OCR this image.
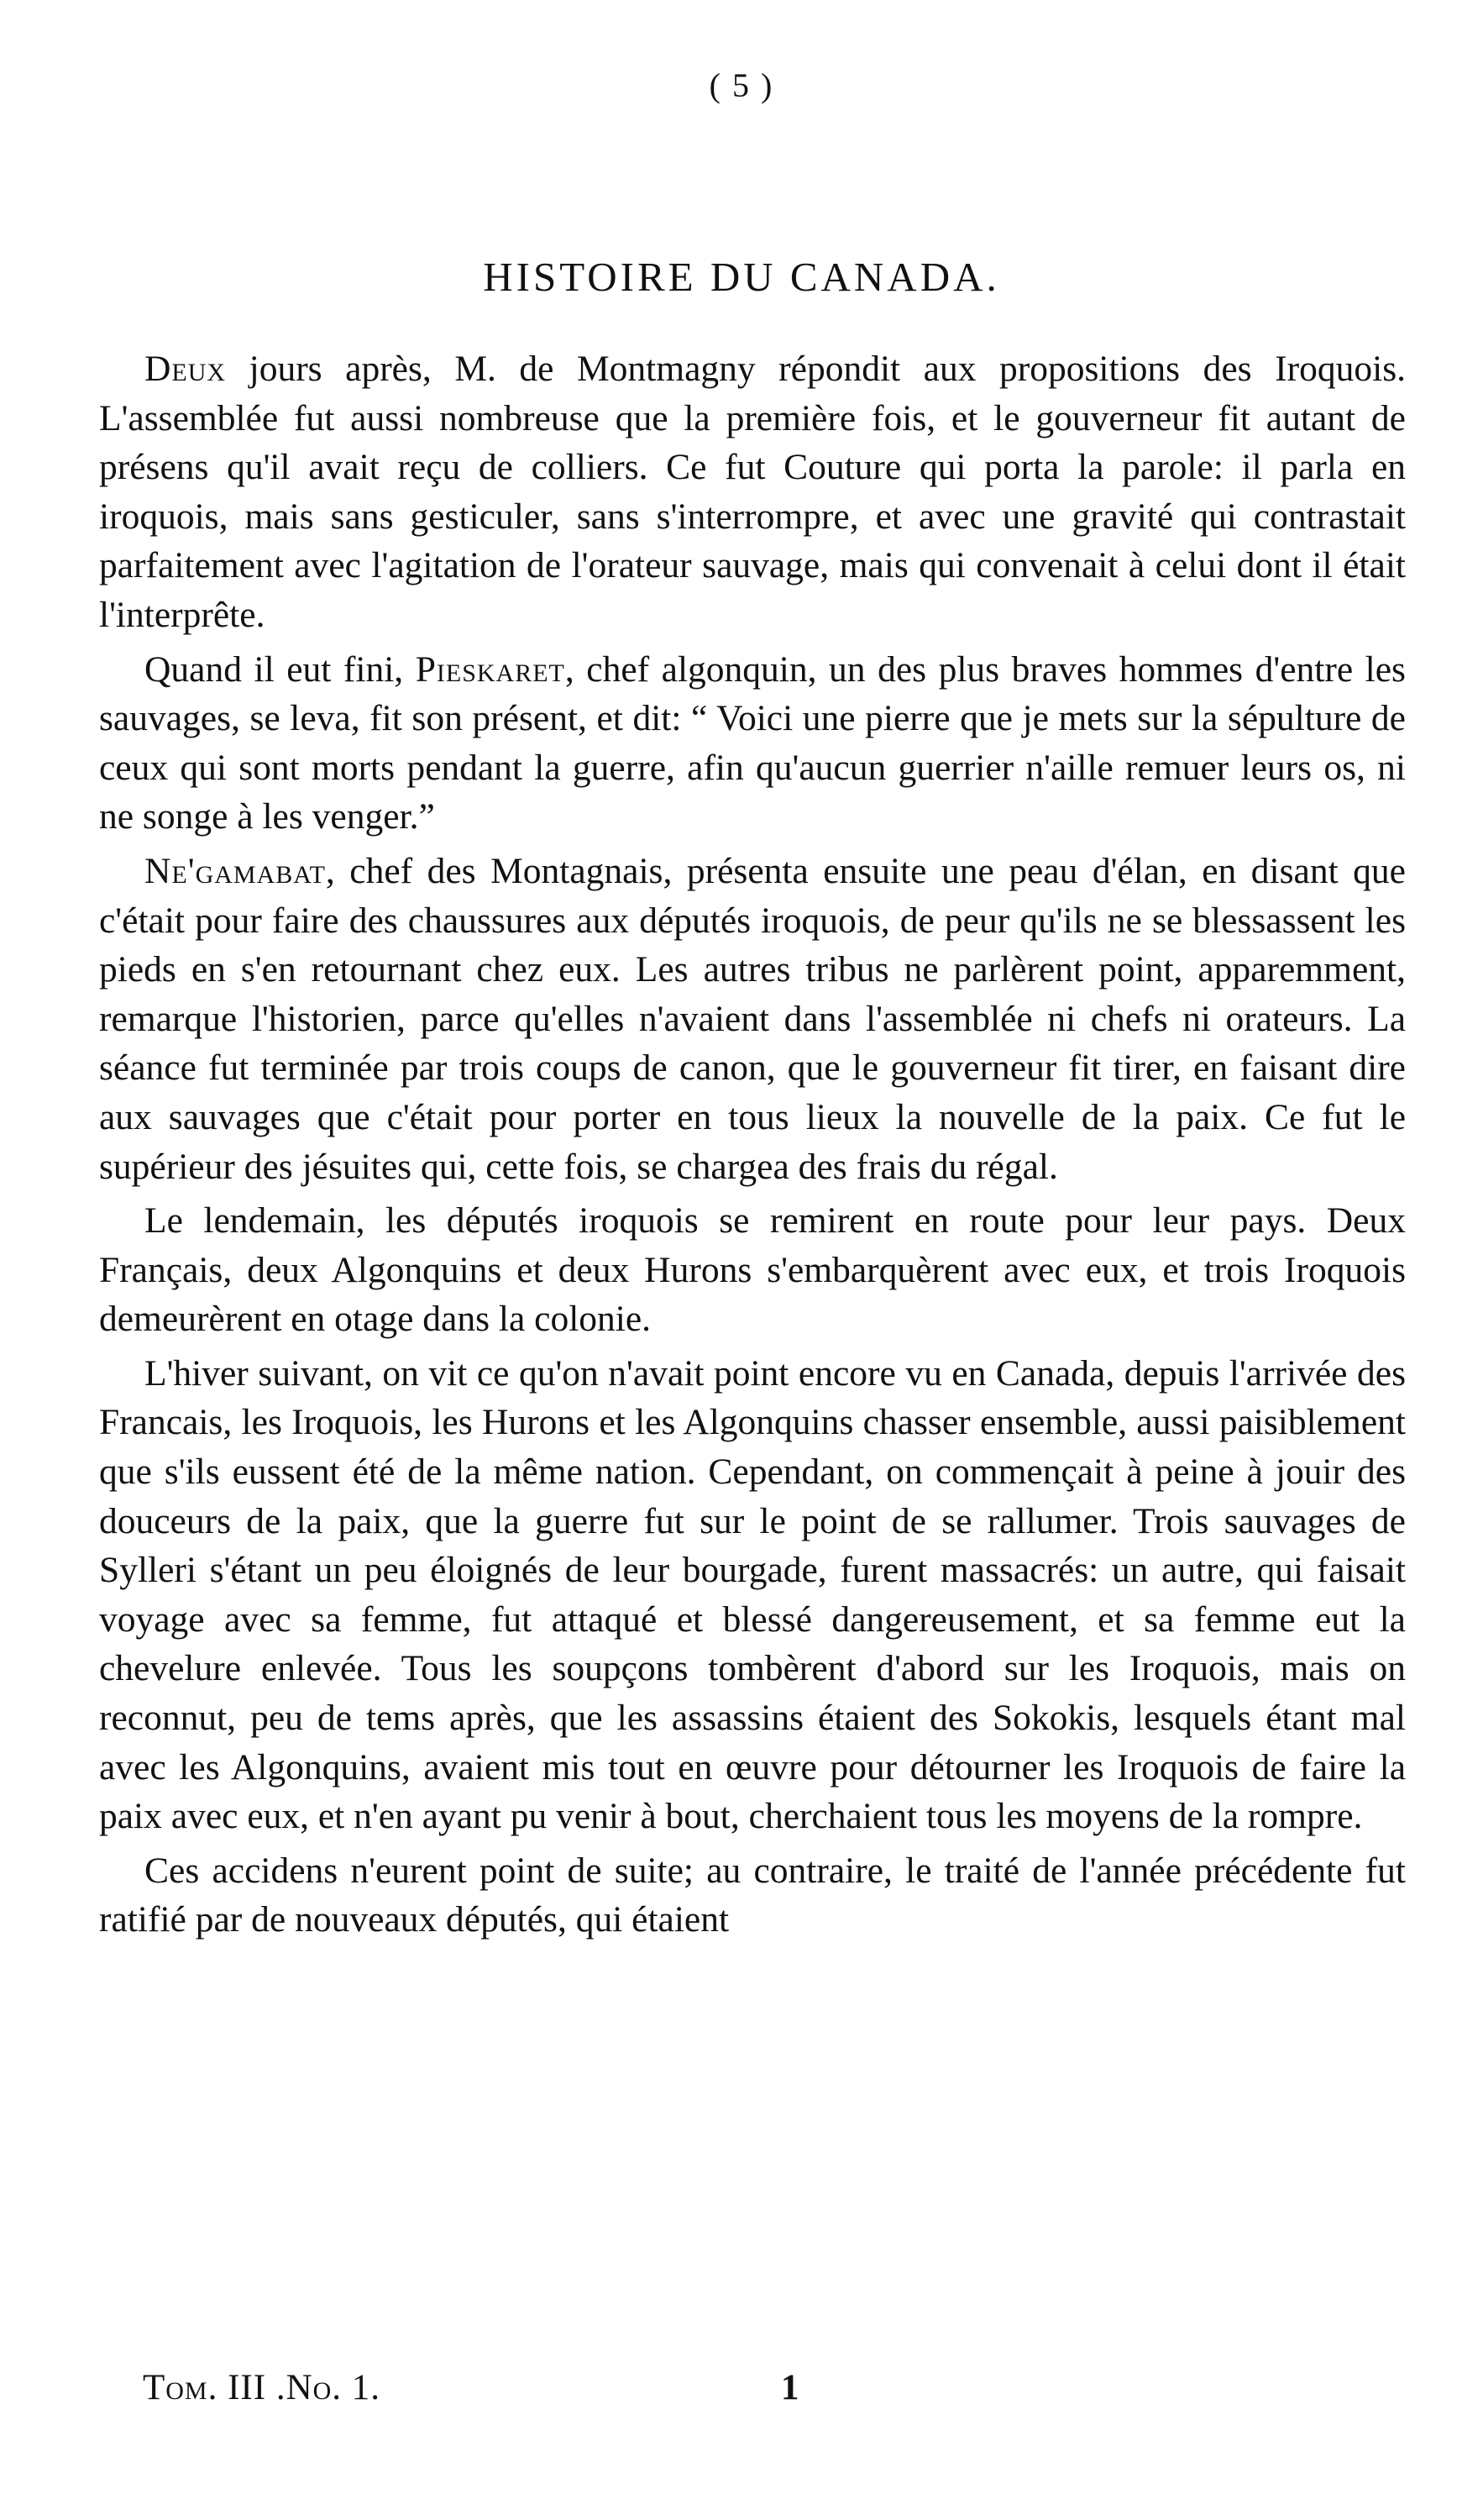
( 5 )
HISTOIRE DU CANADA.

Deux jours après, M. de Montmagny répondit aux propositions des Iroquois. L'assemblée fut aussi nombreuse que la première fois, et le gouverneur fit autant de présens qu'il avait reçu de colliers. Ce fut Couture qui porta la parole: il parla en iroquois, mais sans gesticuler, sans s'interrompre, et avec une gravité qui contrastait parfaitement avec l'agitation de l'orateur sauvage, mais qui convenait à celui dont il était l'interprête.

Quand il eut fini, Pieskaret, chef algonquin, un des plus braves hommes d'entre les sauvages, se leva, fit son présent, et dit: “ Voici une pierre que je mets sur la sépulture de ceux qui sont morts pendant la guerre, afin qu'aucun guerrier n'aille remuer leurs os, ni ne songe à les venger.”

Ne'gamabat, chef des Montagnais, présenta ensuite une peau d'élan, en disant que c'était pour faire des chaussures aux députés iroquois, de peur qu'ils ne se blessassent les pieds en s'en retournant chez eux. Les autres tribus ne parlèrent point, apparemment, remarque l'historien, parce qu'elles n'avaient dans l'assemblée ni chefs ni orateurs. La séance fut terminée par trois coups de canon, que le gouverneur fit tirer, en faisant dire aux sauvages que c'était pour porter en tous lieux la nouvelle de la paix. Ce fut le supérieur des jésuites qui, cette fois, se chargea des frais du régal.

Le lendemain, les députés iroquois se remirent en route pour leur pays. Deux Français, deux Algonquins et deux Hurons s'embarquèrent avec eux, et trois Iroquois demeurèrent en otage dans la colonie.

L'hiver suivant, on vit ce qu'on n'avait point encore vu en Canada, depuis l'arrivée des Francais, les Iroquois, les Hurons et les Algonquins chasser ensemble, aussi paisiblement que s'ils eussent été de la même nation. Cependant, on commençait à peine à jouir des douceurs de la paix, que la guerre fut sur le point de se rallumer. Trois sauvages de Sylleri s'étant un peu éloignés de leur bourgade, furent massacrés: un autre, qui faisait voyage avec sa femme, fut attaqué et blessé dangereusement, et sa femme eut la chevelure enlevée. Tous les soupçons tombèrent d'abord sur les Iroquois, mais on reconnut, peu de tems après, que les assassins étaient des Sokokis, lesquels étant mal avec les Algonquins, avaient mis tout en œuvre pour détourner les Iroquois de faire la paix avec eux, et n'en ayant pu venir à bout, cherchaient tous les moyens de la rompre.

Ces accidens n'eurent point de suite; au contraire, le traité de l'année précédente fut ratifié par de nouveaux députés, qui étaient

Tom. III .No. 1.	1
